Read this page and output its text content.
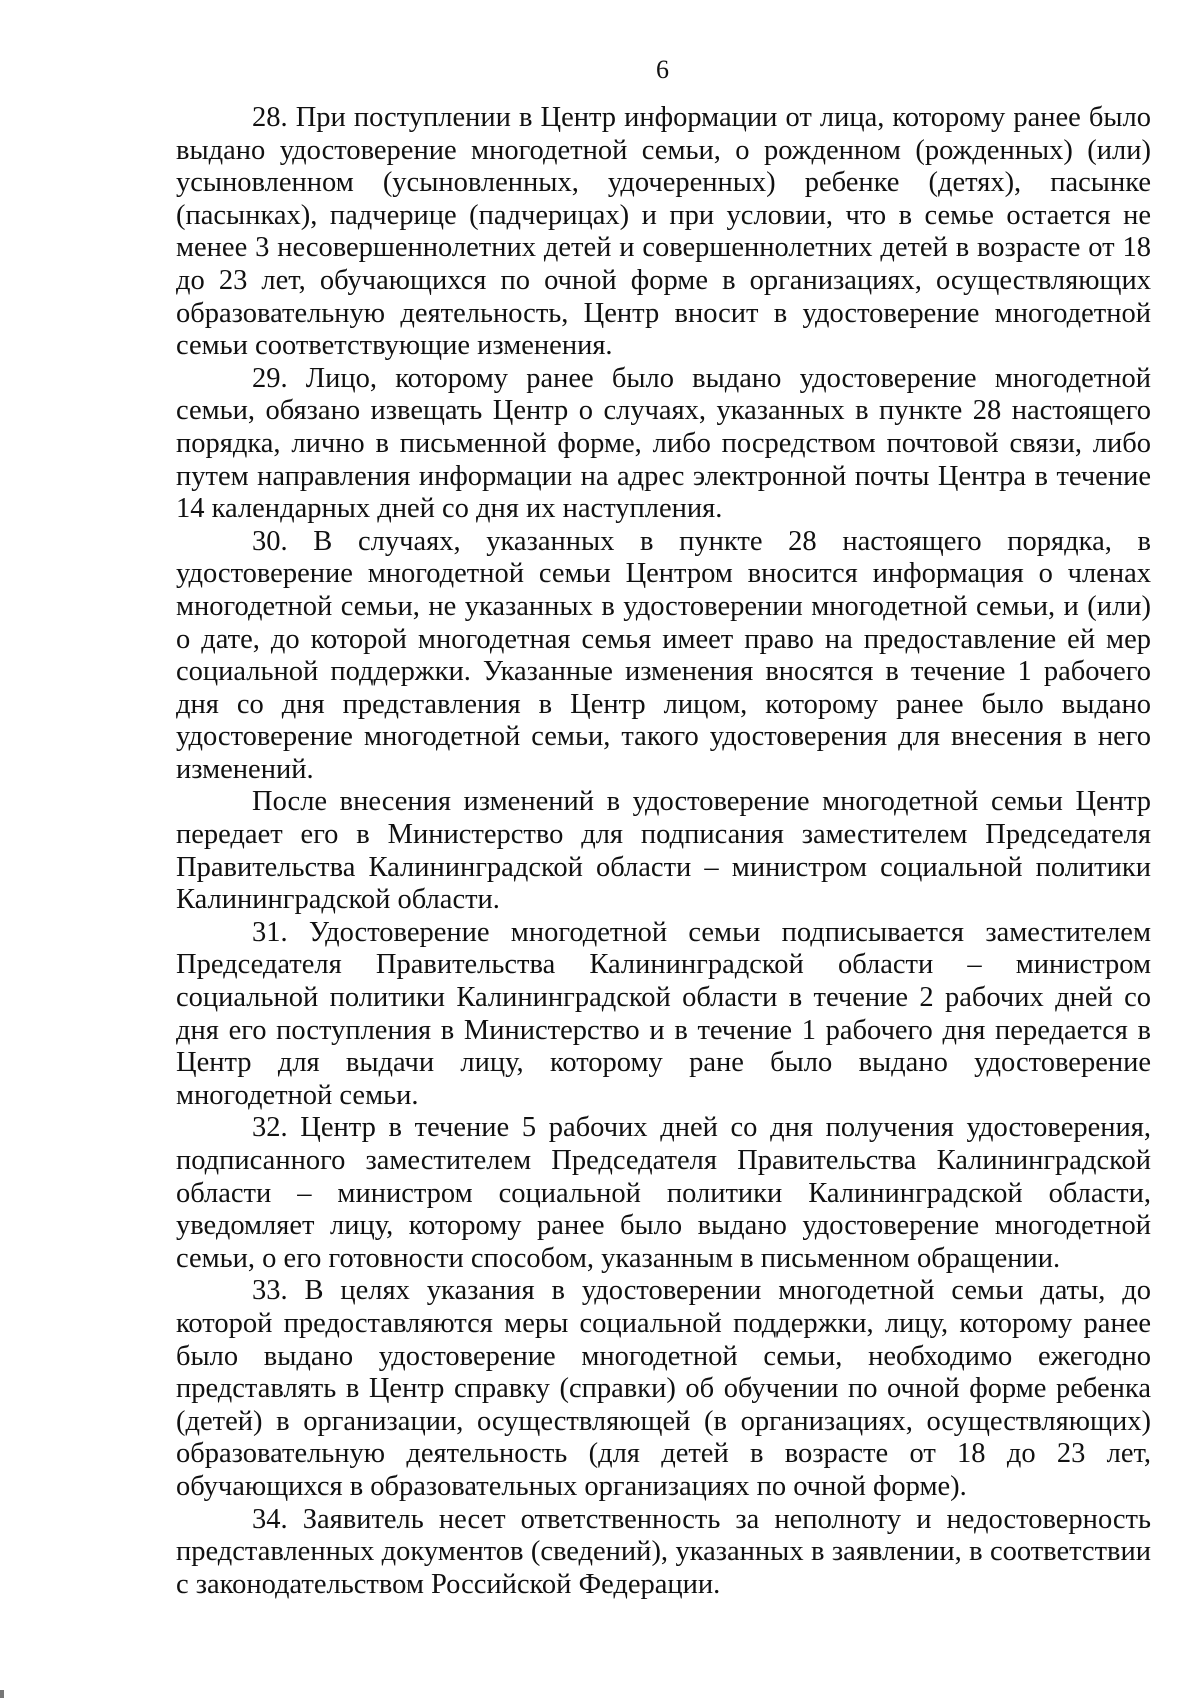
6

28. При поступлении в Центр информации от лица, которому ранее было выдано удостоверение многодетной семьи, о рожденном (рожденных) (или) усыновленном (усыновленных, удочеренных) ребенке (детях), пасынке (пасынках), падчерице (падчерицах) и при условии, что в семье остается не менее 3 несовершеннолетних детей и совершеннолетних детей в возрасте от 18 до 23 лет, обучающихся по очной форме в организациях, осуществляющих образовательную деятельность, Центр вносит в удостоверение многодетной семьи соответствующие изменения.

29. Лицо, которому ранее было выдано удостоверение многодетной семьи, обязано извещать Центр о случаях, указанных в пункте 28 настоящего порядка, лично в письменной форме, либо посредством почтовой связи, либо путем направления информации на адрес электронной почты Центра в течение 14 календарных дней со дня их наступления.

30. В случаях, указанных в пункте 28 настоящего порядка, в удостоверение многодетной семьи Центром вносится информация о членах многодетной семьи, не указанных в удостоверении многодетной семьи, и (или) о дате, до которой многодетная семья имеет право на предоставление ей мер социальной поддержки. Указанные изменения вносятся в течение 1 рабочего дня со дня представления в Центр лицом, которому ранее было выдано удостоверение многодетной семьи, такого удостоверения для внесения в него изменений.

После внесения изменений в удостоверение многодетной семьи Центр передает его в Министерство для подписания заместителем Председателя Правительства Калининградской области – министром социальной политики Калининградской области.

31. Удостоверение многодетной семьи подписывается заместителем Председателя Правительства Калининградской области – министром социальной политики Калининградской области в течение 2 рабочих дней со дня его поступления в Министерство и в течение 1 рабочего дня передается в Центр для выдачи лицу, которому ране было выдано удостоверение многодетной семьи.

32. Центр в течение 5 рабочих дней со дня получения удостоверения, подписанного заместителем Председателя Правительства Калининградской области – министром социальной политики Калининградской области, уведомляет лицу, которому ранее было выдано удостоверение многодетной семьи, о его готовности способом, указанным в письменном обращении.

33. В целях указания в удостоверении многодетной семьи даты, до которой предоставляются меры социальной поддержки, лицу, которому ранее было выдано удостоверение многодетной семьи, необходимо ежегодно представлять в Центр справку (справки) об обучении по очной форме ребенка (детей) в организации, осуществляющей (в организациях, осуществляющих) образовательную деятельность (для детей в возрасте от 18 до 23 лет, обучающихся в образовательных организациях по очной форме).

34. Заявитель несет ответственность за неполноту и недостоверность представленных документов (сведений), указанных в заявлении, в соответствии с законодательством Российской Федерации.
